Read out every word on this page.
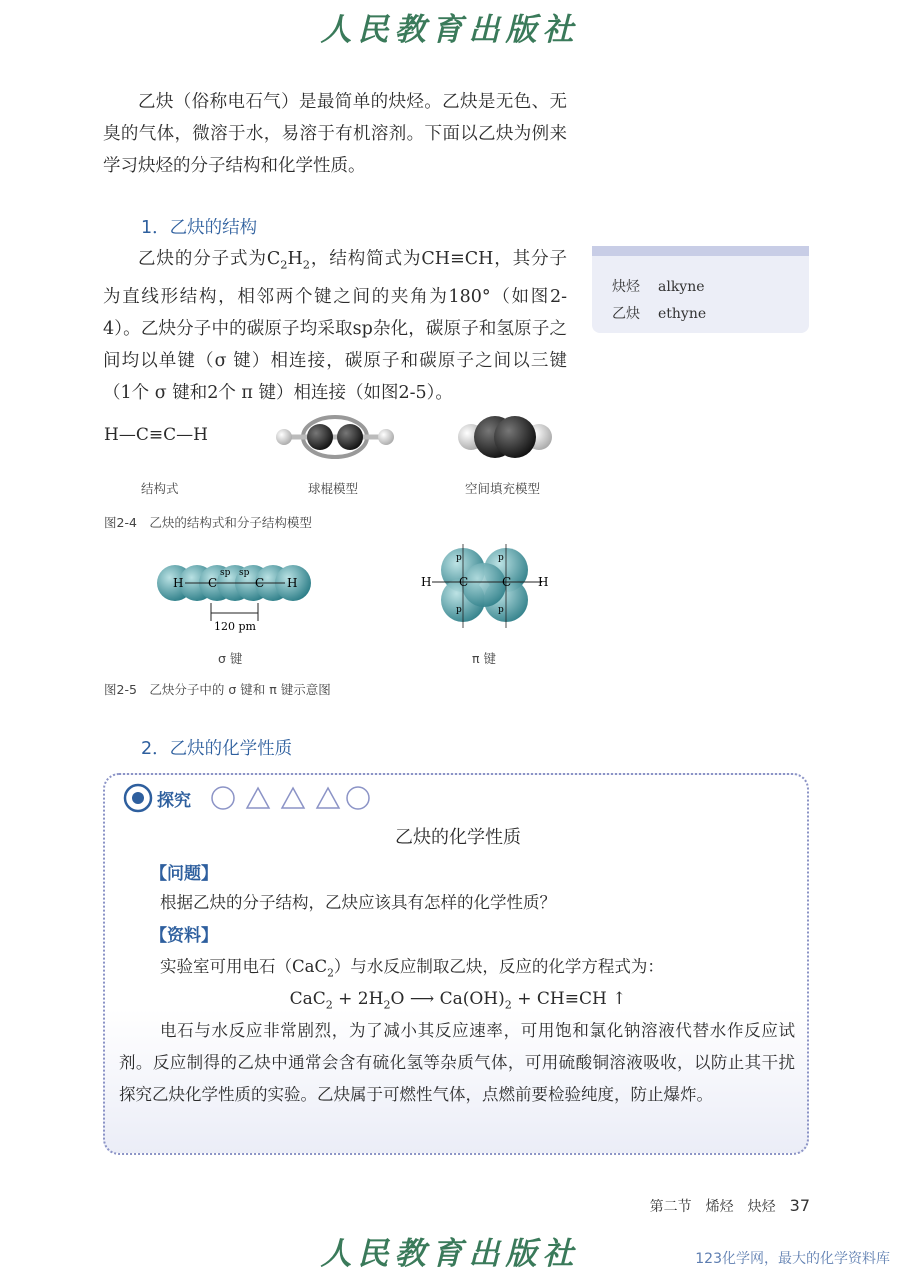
人民教育出版社
乙炔（俗称电石气）是最简单的炔烃。乙炔是无色、无臭的气体，微溶于水，易溶于有机溶剂。下面以乙炔为例来学习炔烃的分子结构和化学性质。
1．乙炔的结构
乙炔的分子式为$C_2H_2$，结构简式为CH≡CH，其分子为直线形结构，相邻两个键之间的夹角为180°（如图2-4）。乙炔分子中的碳原子均采取sp杂化，碳原子和氢原子之间均以单键（σ 键）相连接，碳原子和碳原子之间以三键（1个 σ 键和2个 π 键）相连接（如图2-5）。
炔烃 alkyne
乙炔 ethyne
H—C≡C—H
结构式	球棍模型	空间填充模型
图2-4　乙炔的结构式和分子结构模型
H C	C H
sp sp
120 pm
H C	C H
p	p
p	p
σ 键	π 键
图2-5　乙炔分子中的 σ 键和 π 键示意图
2．乙炔的化学性质
探究
乙炔的化学性质
【问题】
根据乙炔的分子结构，乙炔应该具有怎样的化学性质？
【资料】
实验室可用电石（CaC$_2$）与水反应制取乙炔，反应的化学方程式为：
$CaC_2 + 2H_2O$ ⟶ $Ca(OH)_2 + CH\equiv CH$ ↑
电石与水反应非常剧烈，为了减小其反应速率，可用饱和氯化钠溶液代替水作反应试剂。反应制得的乙炔中通常会含有硫化氢等杂质气体，可用硫酸铜溶液吸收，以防止其干扰探究乙炔化学性质的实验。乙炔属于可燃性气体，点燃前要检验纯度，防止爆炸。
第二节　烯烃　炔烃　 37
人民教育出版社	123化学网，最大的化学资料库
